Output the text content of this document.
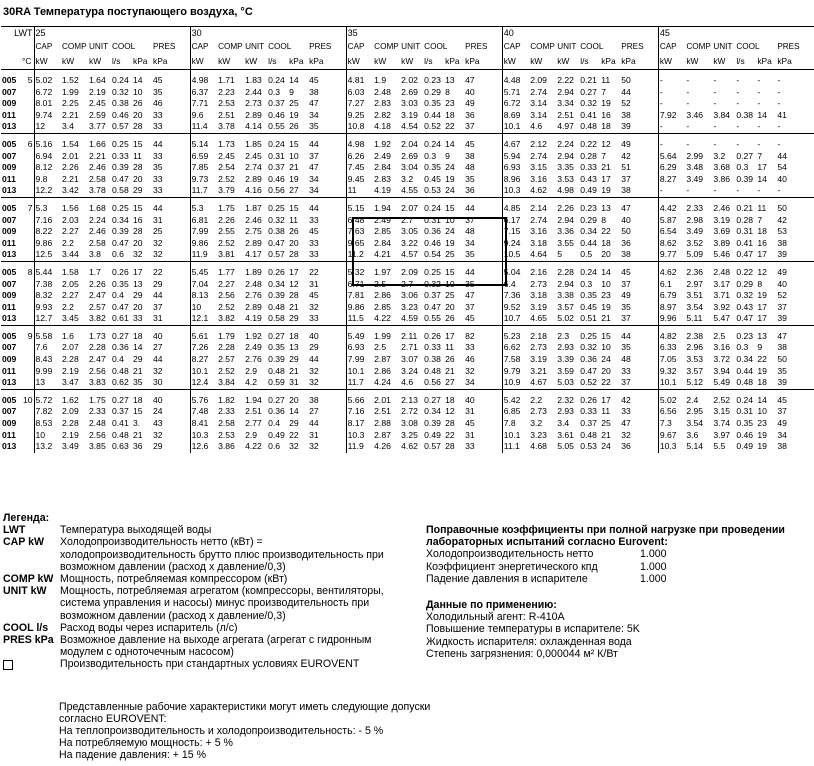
30RA Температура поступающего воздуха, °C
LWT		25						30						35						40						45					
		CAP	COMP	UNIT	COOL		PRES	CAP	COMP	UNIT	COOL		PRES	CAP	COMP	UNIT	COOL		PRES	CAP	COMP	UNIT	COOL		PRES	CAP	COMP	UNIT	COOL		PRES
	°C	kW	kW	kW	l/s	kPa	kPa	kW	kW	kW	l/s	kPa	kPa	kW	kW	kW	l/s	kPa	kPa	kW	kW	kW	l/s	kPa	kPa	kW	kW	kW	l/s	kPa	kPa

005	5	5.02	1.52	1.64	0.24	14	45	4.98	1.71	1.83	0.24	14	45	4.81	1.9	2.02	0.23	13	47	4.48	2.09	2.22	0.21	11	50	-	-	-	-	-	-
007		6.72	1.99	2.19	0.32	10	35	6.37	2.23	2.44	0.3	9	38	6.03	2.48	2.69	0.29	8	40	5.71	2.74	2.94	0.27	7	44	-	-	-	-	-	-
009		8.01	2.25	2.45	0.38	26	46	7.71	2.53	2.73	0.37	25	47	7.27	2.83	3.03	0.35	23	49	6.72	3.14	3.34	0.32	19	52	-	-	-	-	-	-
011		9.74	2.21	2.59	0.46	20	33	9.6	2.51	2.89	0.46	19	34	9.25	2.82	3.19	0.44	18	36	8.69	3.14	2.51	0.41	16	38	7.92	3.46	3.84	0.38	14	41
013		12	3.4	3.77	0.57	28	33	11.4	3.78	4.14	0.55	26	35	10.8	4.18	4.54	0.52	22	37	10.1	4.6	4.97	0.48	18	39	-	-	-	-	-	-

005	6	5.16	1.54	1.66	0.25	15	44	5.14	1.73	1.85	0.24	15	44	4.98	1.92	2.04	0.24	14	45	4.67	2.12	2.24	0.22	12	49	-	-	-	-	-	-
007		6.94	2.01	2.21	0.33	11	33	6.59	2.45	2.45	0.31	10	37	6.26	2.49	2.69	0.3	9	38	5.94	2.74	2.94	0.28	7	42	5.64	2.99	3.2	0.27	7	44
009		8.12	2.26	2.46	0.39	28	35	7.85	2.54	2.74	0.37	21	47	7.45	2.84	3.04	0.35	24	48	6.93	3.15	3.35	0.33	21	51	6.29	3.48	3.68	0.3	17	54
011		9.8	2.21	2.58	0.47	20	33	9.73	2.52	2.89	0.46	19	34	9.45	2.83	3.2	0.45	19	35	8.96	3.16	3.53	0.43	17	37	8.27	3.49	3.86	0.39	14	40
013		12.2	3.42	3.78	0.58	29	33	11.7	3.79	4.16	0.56	27	34	11	4.19	4.55	0.53	24	36	10.3	4.62	4.98	0.49	19	38	-	-	-	-	-	-

005	7	5.3	1.56	1.68	0.25	15	44	5.3	1.75	1.87	0.25	15	44	5.15	1.94	2.07	0.24	15	44	4.85	2.14	2.26	0.23	13	47	4.42	2.33	2.46	0.21	11	50
007		7.16	2.03	2.24	0.34	16	31	6.81	2.26	2.46	0.32	11	33	6.48	2.49	2.7	0.31	10	37	6.17	2.74	2.94	0.29	8	40	5.87	2.98	3.19	0.28	7	42
009		8.22	2.27	2.46	0.39	28	25	7.99	2.55	2.75	0.38	26	45	7.63	2.85	3.05	0.36	24	48	7.15	3.16	3.36	0.34	22	50	6.54	3.49	3.69	0.31	18	53
011		9.86	2.2	2.58	0.47	20	32	9.86	2.52	2.89	0.47	20	33	9.65	2.84	3.22	0.46	19	34	9.24	3.18	3.55	0.44	18	36	8.62	3.52	3.89	0.41	16	38
013		12.5	3.44	3.8	0.6	32	32	11.9	3.81	4.17	0.57	28	33	11.2	4.21	4.57	0.54	25	35	10.5	4.64	5	0.5	20	38	9.77	5.09	5.46	0.47	17	39

005	8	5.44	1.58	1.7	0.26	17	22	5.45	1.77	1.89	0.26	17	22	5.32	1.97	2.09	0.25	15	44	5.04	2.16	2.28	0.24	14	45	4.62	2.36	2.48	0.22	12	49
007		7.38	2.05	2.26	0.35	13	29	7.04	2.27	2.48	0.34	12	31	6.71	2.5	2.7	0.32	10	35	6.4	2.73	2.94	0.3	10	37	6.1	2.97	3.17	0.29	8	40
009		8.32	2.27	2.47	0.4	29	44	8.13	2.56	2.76	0.39	28	45	7.81	2.86	3.06	0.37	25	47	7.36	3.18	3.38	0.35	23	49	6.79	3.51	3.71	0.32	19	52
011		9.93	2.2	2.57	0.47	20	37	10	2.52	2.89	0.48	21	32	9.86	2.85	3.23	0.47	20	37	9.52	3.19	3.57	0.45	19	35	8.97	3.54	3.92	0.43	17	37
013		12.7	3.45	3.82	0.61	33	31	12.1	3.82	4.19	0.58	29	33	11.5	4.22	4.59	0.55	26	45	10.7	4.65	5.02	0.51	21	37	9.96	5.11	5.47	0.47	17	39

005	9	5.58	1.6	1.73	0.27	18	40	5.61	1.79	1.92	0.27	18	40	5.49	1.99	2.11	0.26	17	82	5.23	2.18	2.3	0.25	15	44	4.82	2.38	2.5	0.23	13	47
007		7.6	2.07	2.28	0.36	14	27	7.26	2.28	2.49	0.35	13	29	6.93	2.5	2.71	0.33	11	33	6.62	2.73	2.93	0.32	10	35	6.33	2.96	3.16	0.3	9	38
009		8.43	2.28	2.47	0.4	29	44	8.27	2.57	2.76	0.39	29	44	7.99	2.87	3.07	0.38	26	46	7.58	3.19	3.39	0.36	24	48	7.05	3.53	3.72	0.34	22	50
011		9.99	2.19	2.56	0.48	21	32	10.1	2.52	2.9	0.48	21	32	10.1	2.86	3.24	0.48	21	32	9.79	3.21	3.59	0.47	20	33	9.32	3.57	3.94	0.44	19	35
013		13	3.47	3.83	0.62	35	30	12.4	3.84	4.2	0.59	31	32	11.7	4.24	4.6	0.56	27	34	10.9	4.67	5.03	0.52	22	37	10.1	5.12	5.49	0.48	18	39

005	10	5.72	1.62	1.75	0.27	18	40	5.76	1.82	1.94	0.27	20	38	5.66	2.01	2.13	0.27	18	40	5.42	2.2	2.32	0.26	17	42	5.02	2.4	2.52	0.24	14	45
007		7.82	2.09	2.33	0.37	15	24	7.48	2.33	2.51	0.36	14	27	7.16	2.51	2.72	0.34	12	31	6.85	2.73	2.93	0.33	11	33	6.56	2.95	3.15	0.31	10	37
009		8.53	2.28	2.48	0.41	3.	43	8.41	2.58	2.77	0.4	29	44	8.17	2.88	3.08	0.39	28	45	7.8	3.2	3.4	0.37	25	47	7.3	3.54	3.74	0.35	23	49
011		10	2.19	2.56	0.48	21	32	10.3	2.53	2.9	0.49	22	31	10.3	2.87	3.25	0.49	22	31	10.1	3.23	3.61	0.48	21	32	9.67	3.6	3.97	0.46	19	34
013		13.2	3.49	3.85	0.63	36	29	12.6	3.86	4.22	0.6	32	32	11.9	4.26	4.62	0.57	28	33	11.1	4.68	5.05	0.53	24	36	10.3	5.14	5.5	0.49	19	38
Легенда:
LWT	Температура выходящей воды
CAP kW	Холодопроизводительность нетто (кВт) = холодопроизводительность брутто плюс производительность при возможном давлении (расход х давление/0,3)
COMP kW Мощность, потребляемая компрессором (кВт)
UNIT kW	Мощность, потребляемая агрегатом (компрессоры, вентиляторы, система управления и насосы) минус производительность при возможном давлении (расход х давление/0,3)
COOL l/s	Расход воды через испаритель (л/с)
PRES kPa Возможное давление на выходе агрегата (агрегат с гидронным модулем с одноточечным насосом)
Производительность при стандартных условиях EUROVENT
Поправочные коэффициенты при полной нагрузке при проведении лабораторных испытаний согласно Eurovent:
Холодопроизводительность нетто	1.000
Коэффициент энергетического кпд	1.000
Падение давления в испарителе	1.000
Данные по применению:
Холодильный агент: R-410A
Повышение температуры в испарителе: 5K
Жидкость испарителя: охлажденная вода
Степень загрязнения: 0,000044 м² К/Вт
Представленные рабочие характеристики могут иметь следующие допуски согласно EUROVENT:
На теплопроизводительность и холодопроизводительность: - 5 %
На потребляемую мощность: + 5 %
На падение давления: + 15 %
